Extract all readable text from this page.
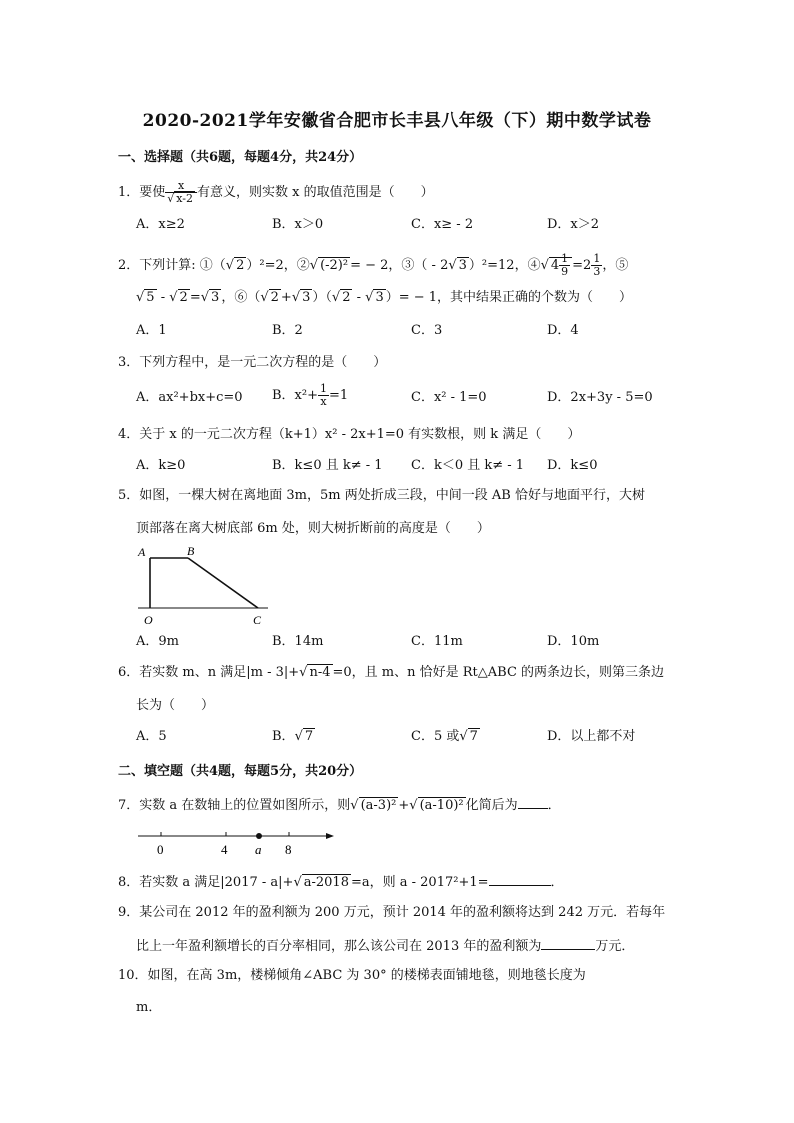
2020-2021学年安徽省合肥市长丰县八年级（下）期中数学试卷
一、选择题（共6题，每题4分，共24分）
1．要使 $\frac{x}{√ x-2}$ 有意义，则实数 x 的取值范围是（　　）
A．x≥2	B．x＞0	C．x≥ - 2	D．x＞2
2．下列计算: ①（√ 2 ）²=2，②√ (-2)² = − 2，③（ - 2√ 3 ）²=12，④√ $4 \frac{1}{9} =2 \frac{1}{3}$ ，⑤
√ 5 - √ 2 =√ 3 ，⑥（√ 2 +√ 3 ）（√ 2 - √ 3 ）= − 1，其中结果正确的个数为（　　）
A．1	B．2	C．3	D．4
3．下列方程中，是一元二次方程的是（　　）
A．ax²+bx+c=0 B．$x^2+ \frac{1}{x} =1$	C．x² - 1=0	D．2x+3y - 5=0
4．关于 x 的一元二次方程（k+1）x² - 2x+1=0 有实数根，则 k 满足（　　）
A．k≥0	B．k≤0 且 k≠ - 1 C．k＜0 且 k≠ - 1 D．k≤0
5．如图，一棵大树在离地面 3m，5m 两处折成三段，中间一段 AB 恰好与地面平行，大树
顶部落在离大树底部 6m 处，则大树折断前的高度是（　　）
A	B
O	C
A．9m	B．14m	C．11m	D．10m
6．若实数 m、n 满足|m - 3|+√ n-4 =0，且 m、n 恰好是 Rt△ABC 的两条边长，则第三条边
长为（　　）
A．5	B．√ 7	C．5 或√ 7	D．以上都不对
二、填空题（共4题，每题5分，共20分）
7．实数 a 在数轴上的位置如图所示，则√ (a-3)² +√ (a-10)² 化简后为 ．
0	4 a 8
8．若实数 a 满足|2017 - a|+√ a-2018 =a，则 a - 2017²+1=	．
9．某公司在 2012 年的盈利额为 200 万元，预计 2014 年的盈利额将达到 242 万元．若每年
比上一年盈利额增长的百分率相同，那么该公司在 2013 年的盈利额为	万元．
10．如图，在高 3m，楼梯倾角∠ABC 为 30° 的楼梯表面铺地毯，则地毯长度为
m．
